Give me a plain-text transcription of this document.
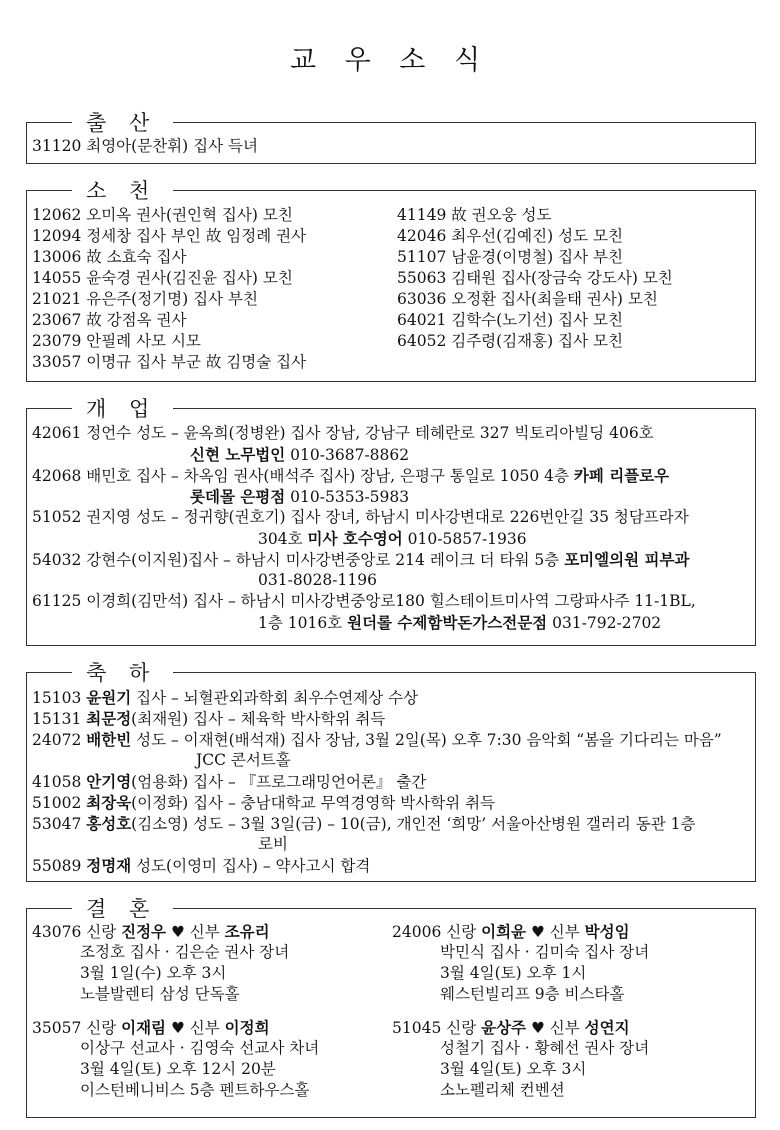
교 우 소 식
출 산
31120 최영아(문찬휘) 집사 득녀
소 천
12062 오미옥 권사(권인혁 집사) 모친
12094 정세창 집사 부인 故 임정례 권사
13006 故 소효숙 집사
14055 윤숙경 권사(김진윤 집사) 모친
21021 유은주(정기명) 집사 부친
23067 故 강점옥 권사
23079 안필례 사모 시모
33057 이명규 집사 부군 故 김명술 집사
41149 故 권오웅 성도
42046 최우선(김예진) 성도 모친
51107 남윤경(이명철) 집사 부친
55063 김태원 집사(장금숙 강도사) 모친
63036 오정환 집사(최을태 권사) 모친
64021 김학수(노기선) 집사 모친
64052 김주령(김재홍) 집사 모친
개 업
42061 정언수 성도 – 윤옥희(정병완) 집사 장남, 강남구 테헤란로 327 빅토리아빌딩 406호
신현 노무법인 010-3687-8862
42068 배민호 집사 – 차옥임 권사(배석주 집사) 장남, 은평구 통일로 1050 4층 카페 리플로우
롯데몰 은평점 010-5353-5983
51052 권지영 성도 – 정귀향(권호기) 집사 장녀, 하남시 미사강변대로 226번안길 35 청담프라자
304호 미사 호수영어 010-5857-1936
54032 강현수(이지원)집사 – 하남시 미사강변중앙로 214 레이크 더 타워 5층 포미엘의원 피부과
031-8028-1196
61125 이경희(김만석) 집사 – 하남시 미사강변중앙로180 힐스테이트미사역 그랑파사주 11-1BL,
1층 1016호 원더롤 수제함박돈가스전문점 031-792-2702
축 하
15103 윤원기 집사 – 뇌혈관외과학회 최우수연제상 수상
15131 최문정(최재원) 집사 – 체육학 박사학위 취득
24072 배한빈 성도 – 이재현(배석재) 집사 장남, 3월 2일(목) 오후 7:30 음악회 “봄을 기다리는 마음”
JCC 콘서트홀
41058 안기영(엄용화) 집사 – 『프로그래밍언어론』 출간
51002 최장욱(이정화) 집사 – 충남대학교 무역경영학 박사학위 취득
53047 홍성호(김소영) 성도 – 3월 3일(금) – 10(금), 개인전 ‘희망’ 서울아산병원 갤러리 동관 1층
로비
55089 정명재 성도(이영미 집사) – 약사고시 합격
결 혼
43076 신랑 진정우 ♥ 신부 조유리
조정호 집사 · 김은순 권사 장녀
3월 1일(수) 오후 3시
노블발렌티 삼성 단독홀
24006 신랑 이희윤 ♥ 신부 박성임
박민식 집사 · 김미숙 집사 장녀
3월 4일(토) 오후 1시
웨스턴빌리프 9층 비스타홀
35057 신랑 이재림 ♥ 신부 이정희
이상구 선교사 · 김영숙 선교사 차녀
3월 4일(토) 오후 12시 20분
이스턴베니비스 5층 펜트하우스홀
51045 신랑 윤상주 ♥ 신부 성연지
성철기 집사 · 황혜선 권사 장녀
3월 4일(토) 오후 3시
소노펠리체 컨벤션
